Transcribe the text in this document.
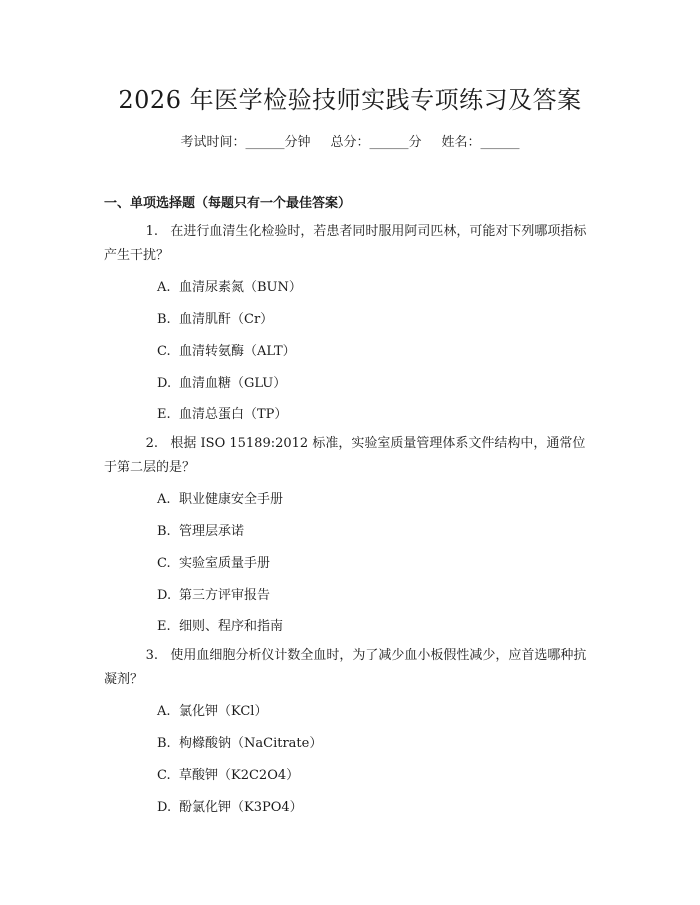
2026 年医学检验技师实践专项练习及答案
考试时间：______分钟 总分：______分 姓名：______
一、单项选择题（每题只有一个最佳答案）
1. 在进行血清生化检验时，若患者同时服用阿司匹林，可能对下列哪项指标产生干扰？
A. 血清尿素氮（BUN）
B. 血清肌酐（Cr）
C. 血清转氨酶（ALT）
D. 血清血糖（GLU）
E. 血清总蛋白（TP）
2. 根据 ISO 15189:2012 标准，实验室质量管理体系文件结构中，通常位于第二层的是？
A. 职业健康安全手册
B. 管理层承诺
C. 实验室质量手册
D. 第三方评审报告
E. 细则、程序和指南
3. 使用血细胞分析仪计数全血时，为了减少血小板假性减少，应首选哪种抗凝剂？
A. 氯化钾（KCl）
B. 枸橼酸钠（NaCitrate）
C. 草酸钾（K2C2O4）
D. 酚氯化钾（K3PO4）
